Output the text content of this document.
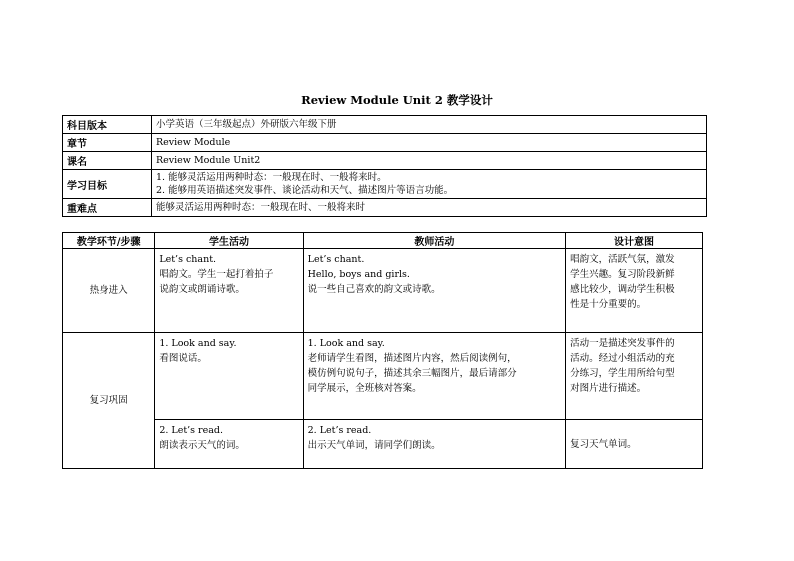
Review Module Unit 2 教学设计
科目版本	小学英语（三年级起点）外研版六年级下册
章节	Review Module
课名	Review Module Unit2
学习目标	1. 能够灵活运用两种时态：一般现在时、一般将来时。
2. 能够用英语描述突发事件、谈论活动和天气、描述图片等语言功能。

重难点	能够灵活运用两种时态：一般现在时、一般将来时
教学环节/步骤	学生活动	教师活动	设计意图
热身进入	Let’s chant.
唱韵文。学生一起打着拍子
说韵文或朗诵诗歌。	Let’s chant.
Hello, boys and girls.
说一些自己喜欢的韵文或诗歌。	唱韵文，活跃气氛，激发
学生兴趣。复习阶段新鲜
感比较少，调动学生积极
性是十分重要的。

复习巩固	1. Look and say.
看图说话。	1. Look and say.
老师请学生看图，描述图片内容，然后阅读例句，
模仿例句说句子，描述其余三幅图片，最后请部分
同学展示，全班核对答案。	活动一是描述突发事件的
活动。经过小组活动的充
分练习，学生用所给句型
对图片进行描述。

	2. Let’s read.
朗读表示天气的词。	2. Let’s read.
出示天气单词，请同学们朗读。	复习天气单词。
